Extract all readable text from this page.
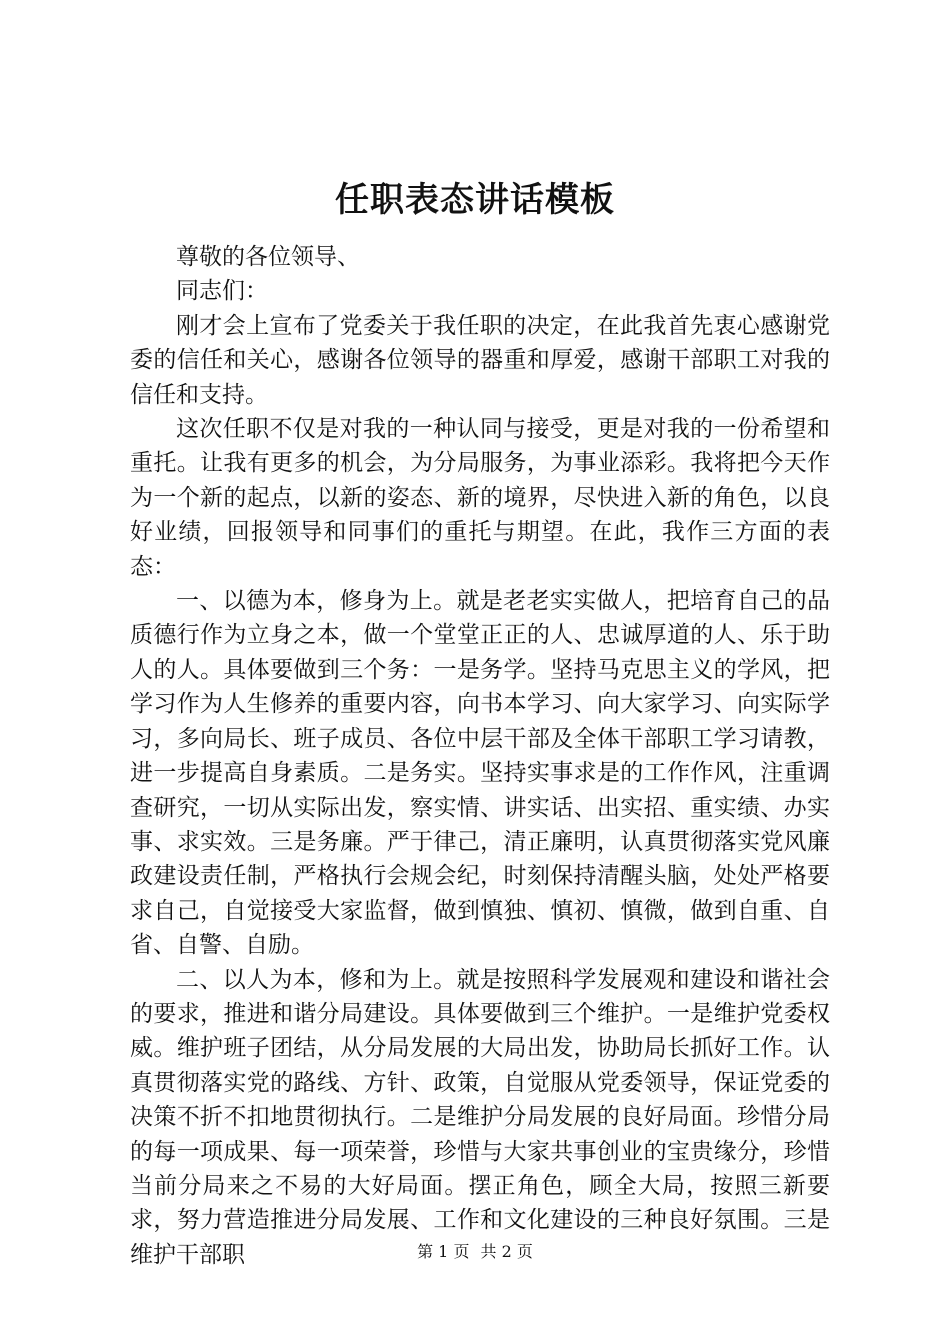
任职表态讲话模板

尊敬的各位领导、

同志们：

刚才会上宣布了党委关于我任职的决定，在此我首先衷心感谢党委的信任和关心，感谢各位领导的器重和厚爱，感谢干部职工对我的信任和支持。

这次任职不仅是对我的一种认同与接受，更是对我的一份希望和重托。让我有更多的机会，为分局服务，为事业添彩。我将把今天作为一个新的起点，以新的姿态、新的境界，尽快进入新的角色，以良好业绩，回报领导和同事们的重托与期望。在此，我作三方面的表态：

一、以德为本，修身为上。就是老老实实做人，把培育自己的品质德行作为立身之本，做一个堂堂正正的人、忠诚厚道的人、乐于助人的人。具体要做到三个务：一是务学。坚持马克思主义的学风，把学习作为人生修养的重要内容，向书本学习、向大家学习、向实际学习，多向局长、班子成员、各位中层干部及全体干部职工学习请教，进一步提高自身素质。二是务实。坚持实事求是的工作作风，注重调查研究，一切从实际出发，察实情、讲实话、出实招、重实绩、办实事、求实效。三是务廉。严于律己，清正廉明，认真贯彻落实党风廉政建设责任制，严格执行会规会纪，时刻保持清醒头脑，处处严格要求自己，自觉接受大家监督，做到慎独、慎初、慎微，做到自重、自省、自警、自励。

二、以人为本，修和为上。就是按照科学发展观和建设和谐社会的要求，推进和谐分局建设。具体要做到三个维护。一是维护党委权威。维护班子团结，从分局发展的大局出发，协助局长抓好工作。认真贯彻落实党的路线、方针、政策，自觉服从党委领导，保证党委的决策不折不扣地贯彻执行。二是维护分局发展的良好局面。珍惜分局的每一项成果、每一项荣誉，珍惜与大家共事创业的宝贵缘分，珍惜当前分局来之不易的大好局面。摆正角色，顾全大局，按照三新要求，努力营造推进分局发展、工作和文化建设的三种良好氛围。三是维护干部职	第 1 页 共 2 页
